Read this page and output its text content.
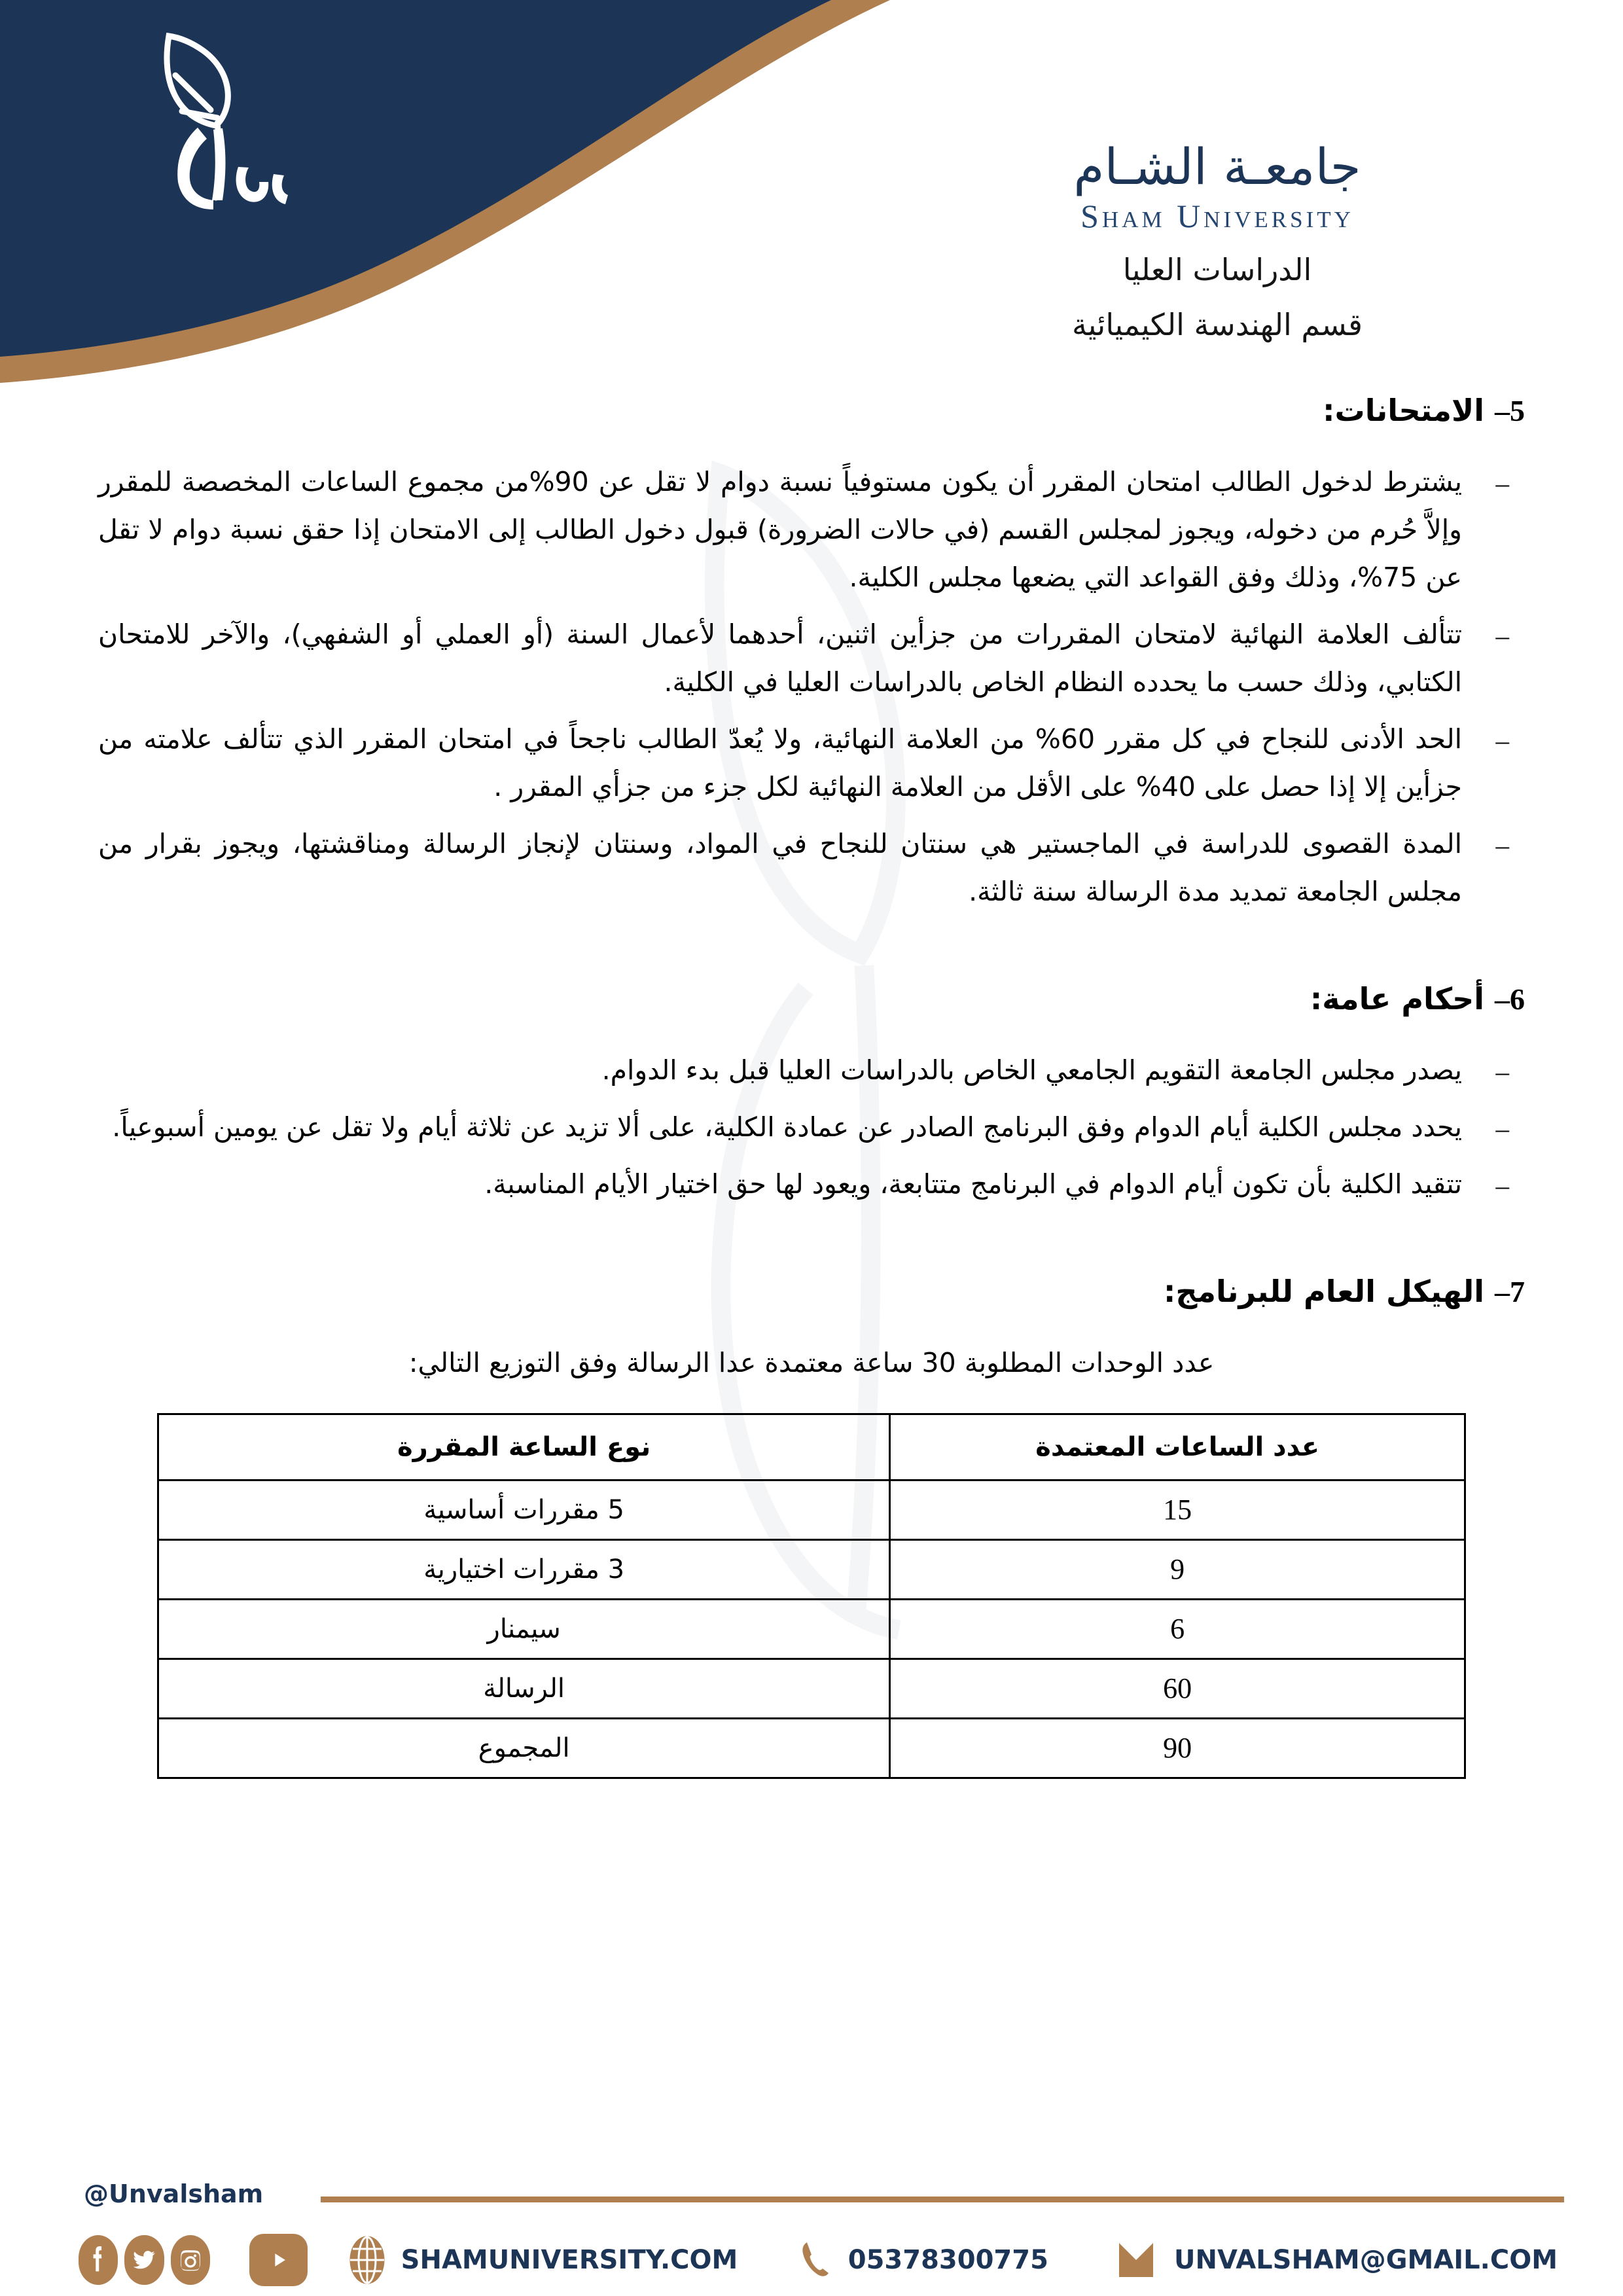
جامعـة الشـام
Sham University
الدراسات العليا
قسم الهندسة الكيميائية
5– الامتحانات:
– يشترط لدخول الطالب امتحان المقرر أن يكون مستوفياً نسبة دوام لا تقل عن 90%من مجموع الساعات المخصصة للمقرر وإلاَّ حُرم من دخوله، ويجوز لمجلس القسم (في حالات الضرورة) قبول دخول الطالب إلى الامتحان إذا حقق نسبة دوام لا تقل عن 75%، وذلك وفق القواعد التي يضعها مجلس الكلية.
– تتألف العلامة النهائية لامتحان المقررات من جزأين اثنين، أحدهما لأعمال السنة (أو العملي أو الشفهي)، والآخر للامتحان الكتابي، وذلك حسب ما يحدده النظام الخاص بالدراسات العليا في الكلية.
– الحد الأدنى للنجاح في كل مقرر 60% من العلامة النهائية، ولا يُعدّ الطالب ناجحاً في امتحان المقرر الذي تتألف علامته من جزأين إلا إذا حصل على 40% على الأقل من العلامة النهائية لكل جزء من جزأي المقرر .
– المدة القصوى للدراسة في الماجستير هي سنتان للنجاح في المواد، وسنتان لإنجاز الرسالة ومناقشتها، ويجوز بقرار من مجلس الجامعة تمديد مدة الرسالة سنة ثالثة.
6– أحكام عامة:
– يصدر مجلس الجامعة التقويم الجامعي الخاص بالدراسات العليا قبل بدء الدوام.
– يحدد مجلس الكلية أيام الدوام وفق البرنامج الصادر عن عمادة الكلية، على ألا تزيد عن ثلاثة أيام ولا تقل عن يومين أسبوعياً.
– تتقيد الكلية بأن تكون أيام الدوام في البرنامج متتابعة، ويعود لها حق اختيار الأيام المناسبة.
7– الهيكل العام للبرنامج:

عدد الوحدات المطلوبة 30 ساعة معتمدة عدا الرسالة وفق التوزيع التالي:

عدد الساعات المعتمدة	نوع الساعة المقررة
15	5 مقررات أساسية
9	3 مقررات اختيارية
6	سيمنار
60	الرسالة
90	المجموع
@Unvalsham
SHAMUNIVERSITY.COM	05378300775	UNVALSHAM@GMAIL.COM
